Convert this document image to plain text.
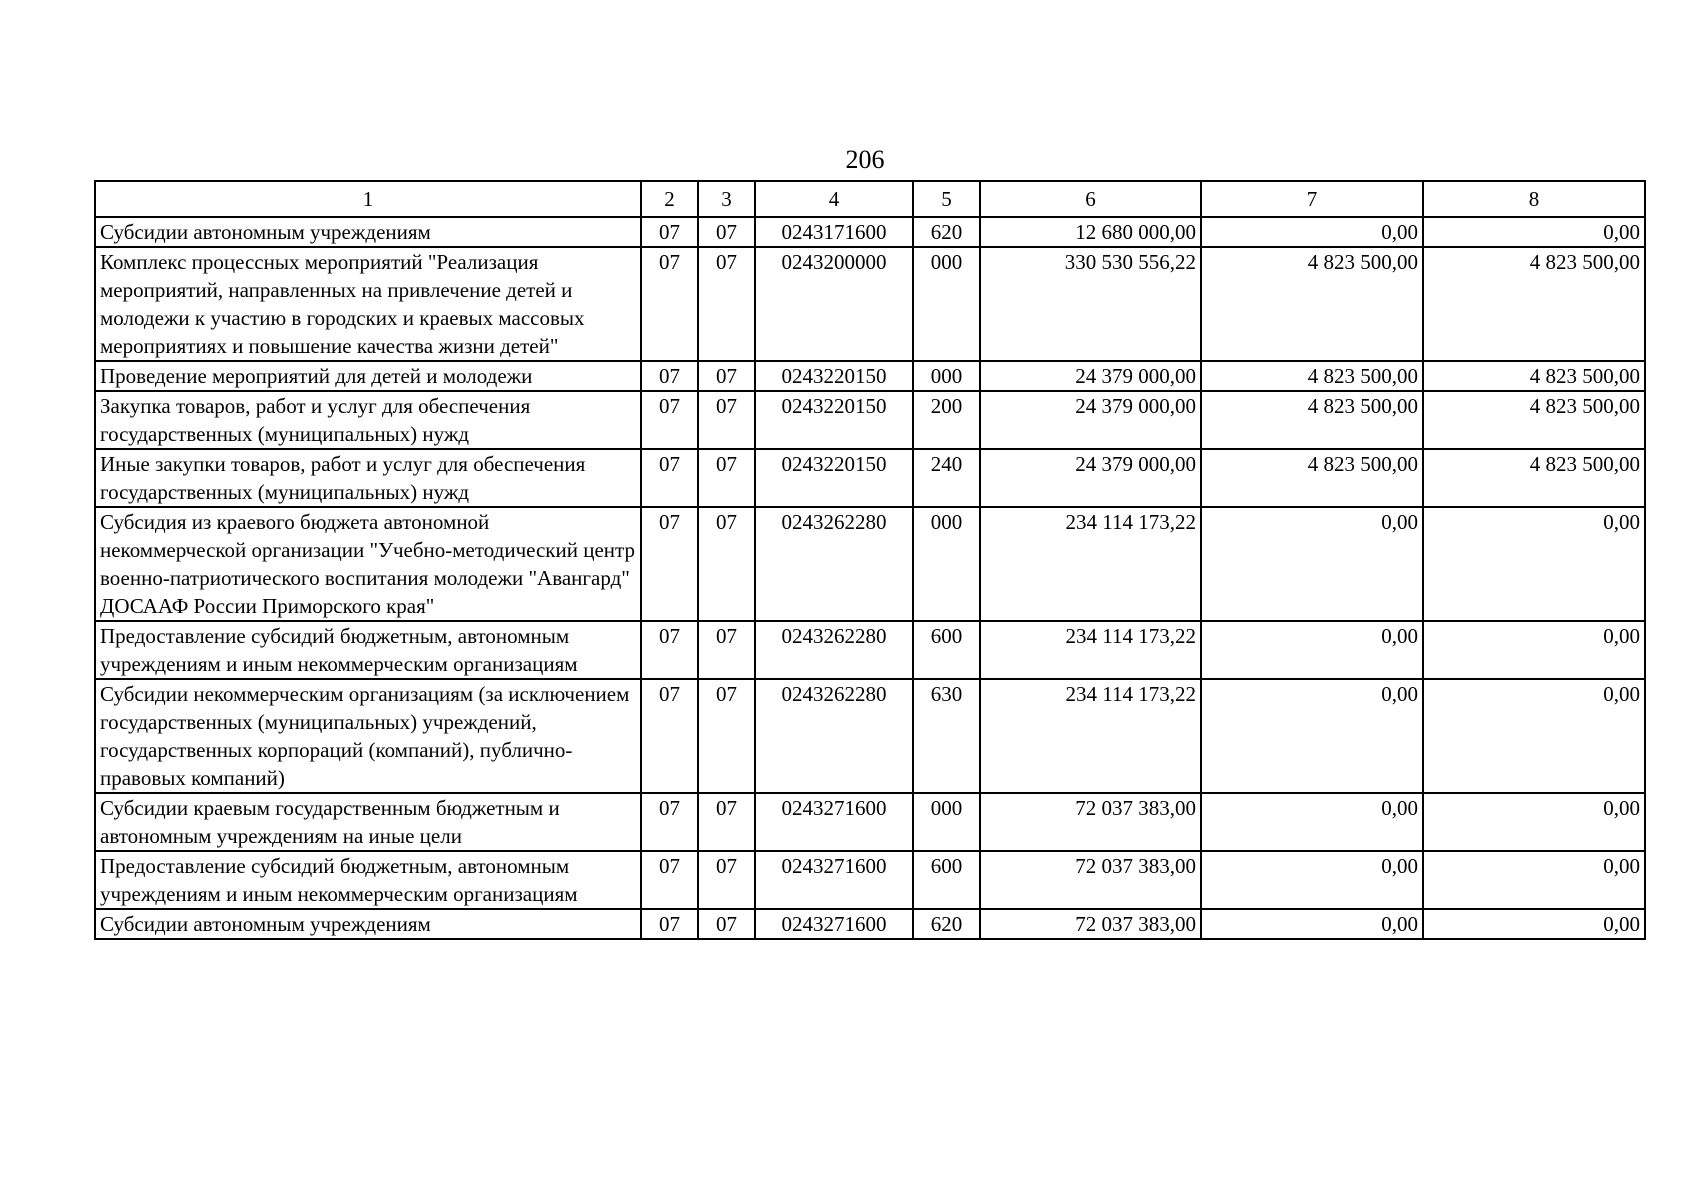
206
1	2	3	4	5	6	7	8
Субсидии автономным учреждениям	07	07	0243171600	620	12 680 000,00	0,00	0,00
Комплекс процессных мероприятий "Реализация мероприятий, направленных на привлечение детей и молодежи к участию в городских и краевых массовых мероприятиях и повышение качества жизни детей"	07	07	0243200000	000	330 530 556,22	4 823 500,00	4 823 500,00
Проведение мероприятий для детей и молодежи	07	07	0243220150	000	24 379 000,00	4 823 500,00	4 823 500,00
Закупка товаров, работ и услуг для обеспечения государственных (муниципальных) нужд	07	07	0243220150	200	24 379 000,00	4 823 500,00	4 823 500,00
Иные закупки товаров, работ и услуг для обеспечения государственных (муниципальных) нужд	07	07	0243220150	240	24 379 000,00	4 823 500,00	4 823 500,00
Субсидия из краевого бюджета автономной некоммерческой организации "Учебно-методический центр военно-патриотического воспитания молодежи "Авангард" ДОСААФ России Приморского края"	07	07	0243262280	000	234 114 173,22	0,00	0,00
Предоставление субсидий бюджетным, автономным учреждениям и иным некоммерческим организациям	07	07	0243262280	600	234 114 173,22	0,00	0,00
Субсидии некоммерческим организациям (за исключением государственных (муниципальных) учреждений, государственных корпораций (компаний), публично-правовых компаний)	07	07	0243262280	630	234 114 173,22	0,00	0,00
Субсидии краевым государственным бюджетным и автономным учреждениям на иные цели	07	07	0243271600	000	72 037 383,00	0,00	0,00
Предоставление субсидий бюджетным, автономным учреждениям и иным некоммерческим организациям	07	07	0243271600	600	72 037 383,00	0,00	0,00
Субсидии автономным учреждениям	07	07	0243271600	620	72 037 383,00	0,00	0,00
